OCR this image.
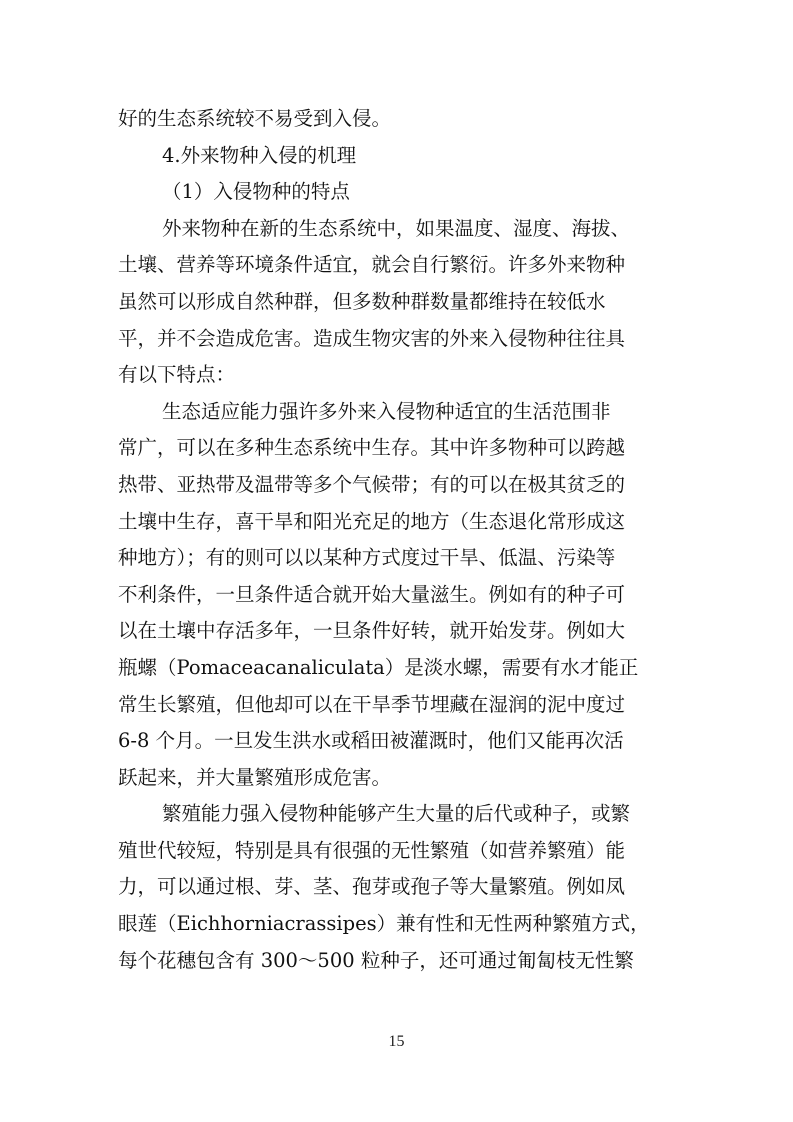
好的生态系统较不易受到入侵。
4.外来物种入侵的机理
（1）入侵物种的特点
外来物种在新的生态系统中，如果温度、湿度、海拔、
土壤、营养等环境条件适宜，就会自行繁衍。许多外来物种
虽然可以形成自然种群，但多数种群数量都维持在较低水
平，并不会造成危害。造成生物灾害的外来入侵物种往往具
有以下特点：
生态适应能力强许多外来入侵物种适宜的生活范围非
常广，可以在多种生态系统中生存。其中许多物种可以跨越
热带、亚热带及温带等多个气候带；有的可以在极其贫乏的
土壤中生存，喜干旱和阳光充足的地方（生态退化常形成这
种地方）；有的则可以以某种方式度过干旱、低温、污染等
不利条件，一旦条件适合就开始大量滋生。例如有的种子可
以在土壤中存活多年，一旦条件好转，就开始发芽。例如大
瓶螺（Pomaceacanaliculata）是淡水螺，需要有水才能正
常生长繁殖，但他却可以在干旱季节埋藏在湿润的泥中度过
6-8 个月。一旦发生洪水或稻田被灌溉时，他们又能再次活
跃起来，并大量繁殖形成危害。
繁殖能力强入侵物种能够产生大量的后代或种子，或繁
殖世代较短，特别是具有很强的无性繁殖（如营养繁殖）能
力，可以通过根、芽、茎、孢芽或孢子等大量繁殖。例如凤
眼莲（Eichhorniacrassipes）兼有性和无性两种繁殖方式，
每个花穗包含有 300～500 粒种子，还可通过匍匐枝无性繁
15
